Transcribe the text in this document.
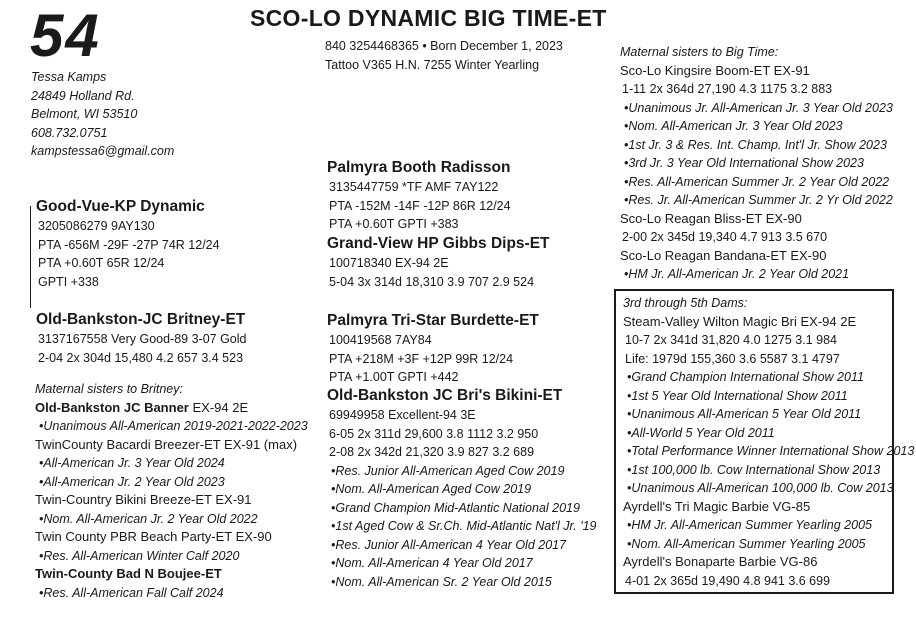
54	SCO-LO DYNAMIC BIG TIME-ET
Tessa Kamps
24849 Holland Rd.
Belmont, WI 53510
608.732.0751
kampstessa6@gmail.com
840 3254468365 • Born December 1, 2023
Tattoo V365 H.N. 7255 Winter Yearling
Good-Vue-KP Dynamic
3205086279 9AY130
PTA -656M -29F -27P 74R 12/24
PTA +0.60T 65R 12/24
GPTI +338
Old-Bankston-JC Britney-ET
3137167558 Very Good-89 3-07 Gold
2-04 2x 304d 15,480 4.2 657 3.4 523
Maternal sisters to Britney:
Old-Bankston JC Banner EX-94 2E
•Unanimous All-American 2019-2021-2022-2023
TwinCounty Bacardi Breezer-ET EX-91 (max)
•All-American Jr. 3 Year Old 2024
•All-American Jr. 2 Year Old 2023
Twin-Country Bikini Breeze-ET EX-91
•Nom. All-American Jr. 2 Year Old 2022
Twin County PBR Beach Party-ET EX-90
•Res. All-American Winter Calf 2020
Twin-County Bad N Boujee-ET
•Res. All-American Fall Calf 2024
Palmyra Booth Radisson
3135447759 *TF AMF 7AY122
PTA -152M -14F -12P 86R 12/24
PTA +0.60T GPTI +383
Grand-View HP Gibbs Dips-ET
100718340 EX-94 2E
5-04 3x 314d 18,310 3.9 707 2.9 524
Palmyra Tri-Star Burdette-ET
100419568 7AY84
PTA +218M +3F +12P 99R 12/24
PTA +1.00T GPTI +442
Old-Bankston JC Bri's Bikini-ET
69949958 Excellent-94 3E
6-05 2x 311d 29,600 3.8 1112 3.2 950
2-08 2x 342d 21,320 3.9 827 3.2 689
•Res. Junior All-American Aged Cow 2019
•Nom. All-American Aged Cow 2019
•Grand Champion Mid-Atlantic National 2019
•1st Aged Cow & Sr.Ch. Mid-Atlantic Nat'l Jr. '19
•Res. Junior All-American 4 Year Old 2017
•Nom. All-American 4 Year Old 2017
•Nom. All-American Sr. 2 Year Old 2015
Maternal sisters to Big Time:
Sco-Lo Kingsire Boom-ET EX-91
1-11 2x 364d 27,190 4.3 1175 3.2 883
•Unanimous Jr. All-American Jr. 3 Year Old 2023
•Nom. All-American Jr. 3 Year Old 2023
•1st Jr. 3 & Res. Int. Champ. Int'l Jr. Show 2023
•3rd Jr. 3 Year Old International Show 2023
•Res. All-American Summer Jr. 2 Year Old 2022
•Res. Jr. All-American Summer Jr. 2 Yr Old 2022
Sco-Lo Reagan Bliss-ET EX-90
2-00 2x 345d 19,340 4.7 913 3.5 670
Sco-Lo Reagan Bandana-ET EX-90
•HM Jr. All-American Jr. 2 Year Old 2021
3rd through 5th Dams:
Steam-Valley Wilton Magic Bri EX-94 2E
10-7 2x 341d 31,820 4.0 1275 3.1 984
Life: 1979d 155,360 3.6 5587 3.1 4797
•Grand Champion International Show 2011
•1st 5 Year Old International Show 2011
•Unanimous All-American 5 Year Old 2011
•All-World 5 Year Old 2011
•Total Performance Winner International Show 2013
•1st 100,000 lb. Cow International Show 2013
•Unanimous All-American 100,000 lb. Cow 2013
Ayrdell's Tri Magic Barbie VG-85
•HM Jr. All-American Summer Yearling 2005
•Nom. All-American Summer Yearling 2005
Ayrdell's Bonaparte Barbie VG-86
4-01 2x 365d 19,490 4.8 941 3.6 699
